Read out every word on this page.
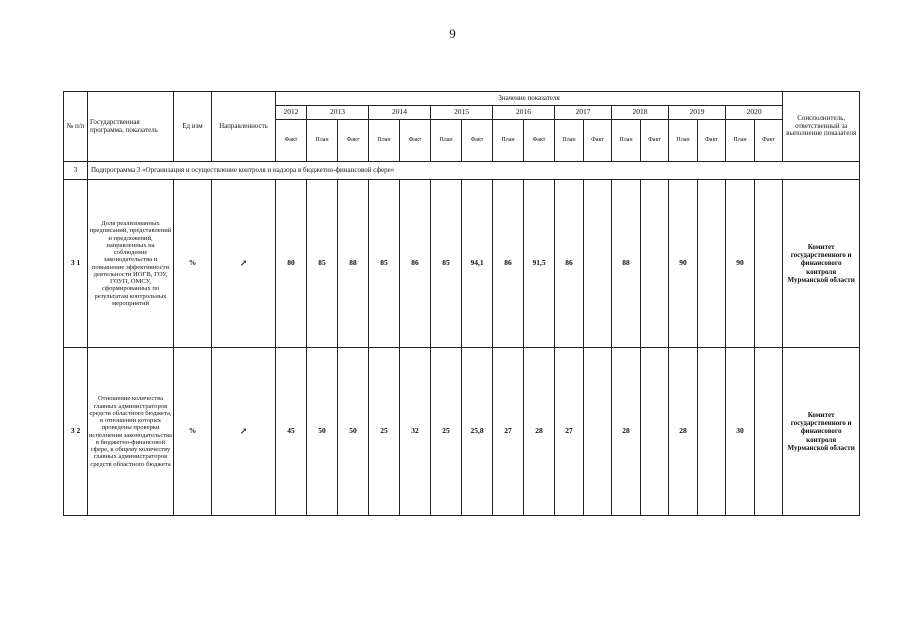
9
№ п/п	Государственная программа, показатель	Ед изм	Направленность	Значение показателя																	Соисполнитель, ответственный за выполнение показателя
				2012	2013		2014		2015		2016		2017		2018		2019		2020		
				Факт	План	Факт	План	Факт	План	Факт	План	Факт	План	Факт	План	Факт	План	Факт	План	Факт	
3	Подпрограмма 3 «Организация и осуществление контроля и надзора в бюджетно-финансовой сфере»																				
3 1	Доля реализованных предписаний, представлений и предложений, направленных на соблюдение законодательства и повышение эффективности деятельности ИОГВ, ГОУ, ГОУП, ОМСУ, сформированных по результатам контрольных мероприятий	%	↗	80	85	88	85	86	85	94,1	86	91,5	86		88		90		90		Комитет государственного и финансового контроля Мурманской области
3 2	Отношение количества главных администраторов средств областного бюджета, в отношении которых проведены проверки исполнения законодательства в бюджетно-финансовой сфере, к общему количеству главных администраторов средств областного бюджета	%	↗	45	50	50	25	32	25	25,8	27	28	27		28		28		30		Комитет государственного и финансового контроля Мурманской области
